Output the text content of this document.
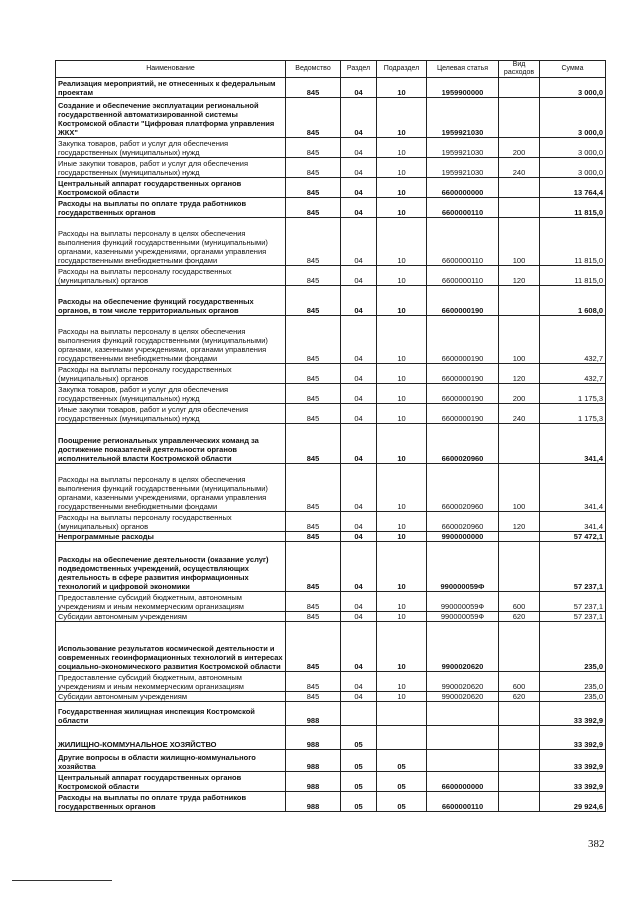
Наименование	Ведомство	Раздел	Подраздел	Целевая статья	Вид расходов	Сумма
Реализация мероприятий, не отнесенных к федеральным проектам	845	04	10	1959900000		3 000,0
Создание и обеспечение эксплуатации региональной государственной автоматизированной системы Костромской области "Цифровая платформа управления ЖКХ"	845	04	10	1959921030		3 000,0
Закупка товаров, работ и услуг для обеспечения государственных (муниципальных) нужд	845	04	10	1959921030	200	3 000,0
Иные закупки товаров, работ и услуг для обеспечения государственных (муниципальных) нужд	845	04	10	1959921030	240	3 000,0
Центральный аппарат государственных органов Костромской области	845	04	10	6600000000		13 764,4
Расходы на выплаты по оплате труда работников государственных органов	845	04	10	6600000110		11 815,0
Расходы на выплаты персоналу в целях обеспечения выполнения функций государственными (муниципальными) органами, казенными учреждениями, органами управления государственными внебюджетными фондами	845	04	10	6600000110	100	11 815,0
Расходы на выплаты персоналу государственных (муниципальных) органов	845	04	10	6600000110	120	11 815,0
Расходы на обеспечение функций государственных органов, в том числе территориальных органов	845	04	10	6600000190		1 608,0
Расходы на выплаты персоналу в целях обеспечения выполнения функций государственными (муниципальными) органами, казенными учреждениями, органами управления государственными внебюджетными фондами	845	04	10	6600000190	100	432,7
Расходы на выплаты персоналу государственных (муниципальных) органов	845	04	10	6600000190	120	432,7
Закупка товаров, работ и услуг для обеспечения государственных (муниципальных) нужд	845	04	10	6600000190	200	1 175,3
Иные закупки товаров, работ и услуг для обеспечения государственных (муниципальных) нужд	845	04	10	6600000190	240	1 175,3
Поощрение региональных управленческих команд за достижение показателей деятельности органов исполнительной власти Костромской области	845	04	10	6600020960		341,4
Расходы на выплаты персоналу в целях обеспечения выполнения функций государственными (муниципальными) органами, казенными учреждениями, органами управления государственными внебюджетными фондами	845	04	10	6600020960	100	341,4
Расходы на выплаты персоналу государственных (муниципальных) органов	845	04	10	6600020960	120	341,4
Непрограммные расходы	845	04	10	9900000000		57 472,1
Расходы на обеспечение деятельности (оказание услуг) подведомственных учреждений, осуществляющих деятельность в сфере развития информационных технологий и цифровой экономики	845	04	10	990000059Ф		57 237,1
Предоставление субсидий бюджетным, автономным учреждениям и иным некоммерческим организациям	845	04	10	990000059Ф	600	57 237,1
Субсидии автономным учреждениям	845	04	10	990000059Ф	620	57 237,1
Использование результатов космической деятельности и современных геоинформационных технологий в интересах социально-экономического развития Костромской области	845	04	10	9900020620		235,0
Предоставление субсидий бюджетным, автономным учреждениям и иным некоммерческим организациям	845	04	10	9900020620	600	235,0
Субсидии автономным учреждениям	845	04	10	9900020620	620	235,0
Государственная жилищная инспекция Костромской области	988					33 392,9
ЖИЛИЩНО-КОММУНАЛЬНОЕ ХОЗЯЙСТВО	988	05				33 392,9
Другие вопросы в области жилищно-коммунального хозяйства	988	05	05			33 392,9
Центральный аппарат государственных органов Костромской области	988	05	05	6600000000		33 392,9
Расходы на выплаты по оплате труда работников государственных органов	988	05	05	6600000110		29 924,6
382
